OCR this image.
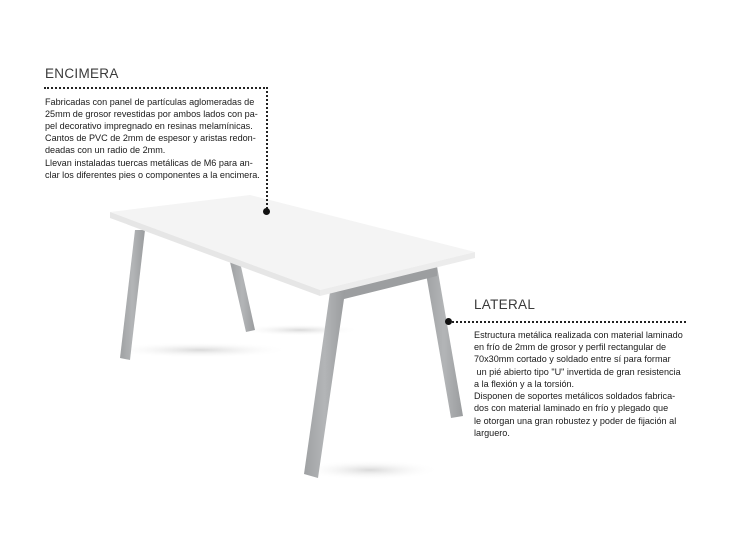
ENCIMERA
Fabricadas con panel de partículas aglomeradas de
25mm de grosor revestidas por ambos lados con pa-
pel decorativo impregnado en resinas melamínicas.
Cantos de PVC de 2mm de espesor y aristas redon-
deadas con un radio de 2mm.
Llevan instaladas tuercas metálicas de M6 para an-
clar los diferentes pies o componentes a la encimera.
LATERAL
Estructura metálica realizada con material laminado
en frío de 2mm de grosor y perfil rectangular de
70x30mm cortado y soldado entre sí para formar
un pié abierto tipo "U" invertida de gran resistencia
a la flexión y a la torsión.
Disponen de soportes metálicos soldados fabrica-
dos con material laminado en frío y plegado que
le otorgan una gran robustez y poder de fijación al
larguero.
